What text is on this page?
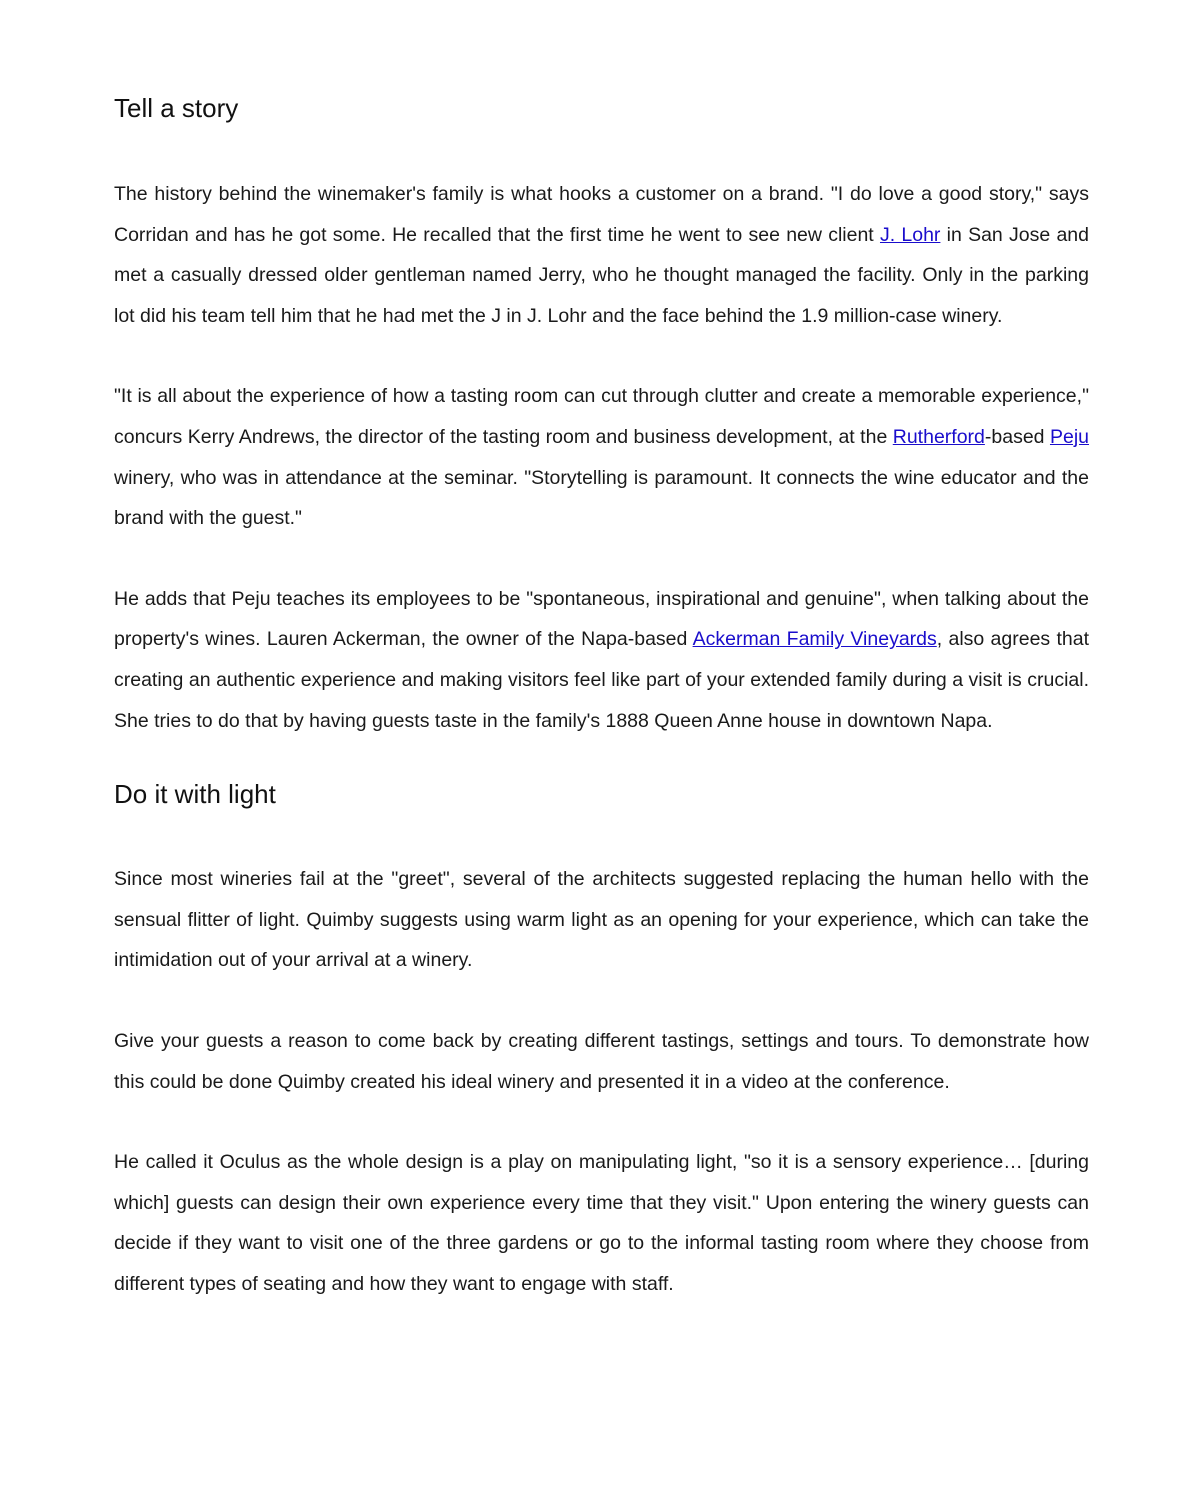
Tell a story

The history behind the winemaker's family is what hooks a customer on a brand. "I do love a good story," says Corridan and has he got some. He recalled that the first time he went to see new client J. Lohr in San Jose and met a casually dressed older gentleman named Jerry, who he thought managed the facility. Only in the parking lot did his team tell him that he had met the J in J. Lohr and the face behind the 1.9 million-case winery.

"It is all about the experience of how a tasting room can cut through clutter and create a memorable experience," concurs Kerry Andrews, the director of the tasting room and business development, at the Rutherford-based Peju winery, who was in attendance at the seminar. "Storytelling is paramount. It connects the wine educator and the brand with the guest."

He adds that Peju teaches its employees to be "spontaneous, inspirational and genuine", when talking about the property's wines. Lauren Ackerman, the owner of the Napa-based Ackerman Family Vineyards, also agrees that creating an authentic experience and making visitors feel like part of your extended family during a visit is crucial. She tries to do that by having guests taste in the family's 1888 Queen Anne house in downtown Napa.

Do it with light

Since most wineries fail at the "greet", several of the architects suggested replacing the human hello with the sensual flitter of light. Quimby suggests using warm light as an opening for your experience, which can take the intimidation out of your arrival at a winery.

Give your guests a reason to come back by creating different tastings, settings and tours. To demonstrate how this could be done Quimby created his ideal winery and presented it in a video at the conference.

He called it Oculus as the whole design is a play on manipulating light, "so it is a sensory experience… [during which] guests can design their own experience every time that they visit." Upon entering the winery guests can decide if they want to visit one of the three gardens or go to the informal tasting room where they choose from different types of seating and how they want to engage with staff.
